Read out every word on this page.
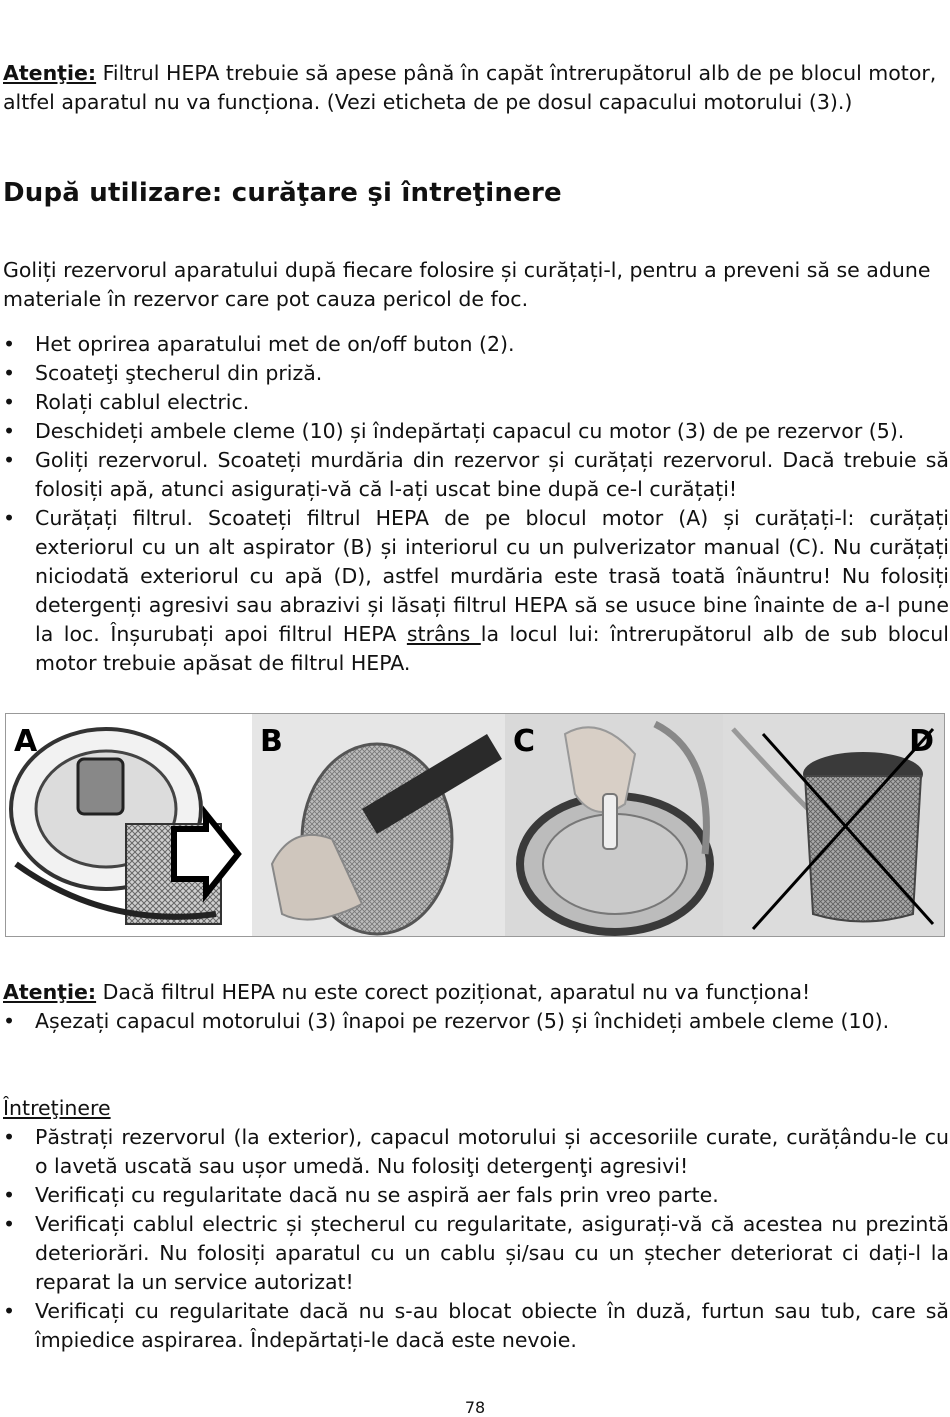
Atenţie: Filtrul HEPA trebuie să apese până în capăt întrerupătorul alb de pe blocul motor, altfel aparatul nu va funcționa. (Vezi eticheta de pe dosul capacului motorului (3).)

După utilizare: curăţare şi întreţinere

Goliți rezervorul aparatului după fiecare folosire și curățați-l, pentru a preveni să se adune materiale în rezervor care pot cauza pericol de foc.

• Het oprirea aparatului met de on/off buton (2).
• Scoateţi ştecherul din priză.
• Rolați cablul electric.
• Deschideți ambele cleme (10) și îndepărtați capacul cu motor (3) de pe rezervor (5).
• Goliți rezervorul. Scoateți murdăria din rezervor și curățați rezervorul. Dacă trebuie să folosiți apă, atunci asigurați-vă că l-ați uscat bine după ce-l curățați!
• Curățați filtrul. Scoateți filtrul HEPA de pe blocul motor (A) și curățați-l: curățați exteriorul cu un alt aspirator (B) și interiorul cu un pulverizator manual (C). Nu curățați niciodată exteriorul cu apă (D), astfel murdăria este trasă toată înăuntru! Nu folosiți detergenți agresivi sau abrazivi și lăsați filtrul HEPA să se usuce bine înainte de a-l pune la loc. Înșurubați apoi filtrul HEPA strâns la locul lui: întrerupătorul alb de sub blocul motor trebuie apăsat de filtrul HEPA.
A	B	C	D

Atenţie: Dacă filtrul HEPA nu este corect poziționat, aparatul nu va funcționa!

• Așezați capacul motorului (3) înapoi pe rezervor (5) și închideți ambele cleme (10).

Întreţinere

• Păstrați rezervorul (la exterior), capacul motorului și accesoriile curate, curățându-le cu o lavetă uscată sau ușor umedă. Nu folosiţi detergenţi agresivi!
• Verificați cu regularitate dacă nu se aspiră aer fals prin vreo parte.
• Verificați cablul electric și ștecherul cu regularitate, asigurați-vă că acestea nu prezintă deteriorări. Nu folosiți aparatul cu un cablu și/sau cu un ștecher deteriorat ci dați-l la reparat la un service autorizat!
• Verificați cu regularitate dacă nu s-au blocat obiecte în duză, furtun sau tub, care să împiedice aspirarea. Îndepărtați-le dacă este nevoie.
78
